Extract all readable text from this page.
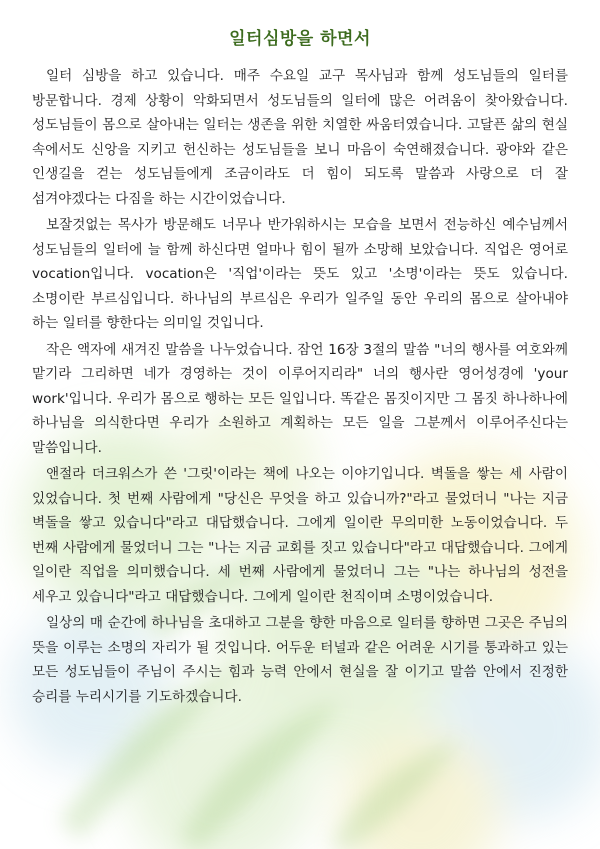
일터심방을 하면서

일터 심방을 하고 있습니다. 매주 수요일 교구 목사님과 함께 성도님들의 일터를 방문합니다. 경제 상황이 악화되면서 성도님들의 일터에 많은 어려움이 찾아왔습니다. 성도님들이 몸으로 살아내는 일터는 생존을 위한 치열한 싸움터였습니다. 고달픈 삶의 현실 속에서도 신앙을 지키고 헌신하는 성도님들을 보니 마음이 숙연해졌습니다. 광야와 같은 인생길을 걷는 성도님들에게 조금이라도 더 힘이 되도록 말씀과 사랑으로 더 잘 섬겨야겠다는 다짐을 하는 시간이었습니다.

보잘것없는 목사가 방문해도 너무나 반가워하시는 모습을 보면서 전능하신 예수님께서 성도님들의 일터에 늘 함께 하신다면 얼마나 힘이 될까 소망해 보았습니다. 직업은 영어로 vocation입니다. vocation은 '직업'이라는 뜻도 있고 '소명'이라는 뜻도 있습니다. 소명이란 부르심입니다. 하나님의 부르심은 우리가 일주일 동안 우리의 몸으로 살아내야 하는 일터를 향한다는 의미일 것입니다.

작은 액자에 새겨진 말씀을 나누었습니다. 잠언 16장 3절의 말씀 "너의 행사를 여호와께 맡기라 그리하면 네가 경영하는 것이 이루어지리라" 너의 행사란 영어성경에 'your work'입니다. 우리가 몸으로 행하는 모든 일입니다. 똑같은 몸짓이지만 그 몸짓 하나하나에 하나님을 의식한다면 우리가 소원하고 계획하는 모든 일을 그분께서 이루어주신다는 말씀입니다.

앤절라 더크워스가 쓴 '그릿'이라는 책에 나오는 이야기입니다. 벽돌을 쌓는 세 사람이 있었습니다. 첫 번째 사람에게 "당신은 무엇을 하고 있습니까?"라고 물었더니 "나는 지금 벽돌을 쌓고 있습니다"라고 대답했습니다. 그에게 일이란 무의미한 노동이었습니다. 두 번째 사람에게 물었더니 그는 "나는 지금 교회를 짓고 있습니다"라고 대답했습니다. 그에게 일이란 직업을 의미했습니다. 세 번째 사람에게 물었더니 그는 "나는 하나님의 성전을 세우고 있습니다"라고 대답했습니다. 그에게 일이란 천직이며 소명이었습니다.

일상의 매 순간에 하나님을 초대하고 그분을 향한 마음으로 일터를 향하면 그곳은 주님의 뜻을 이루는 소명의 자리가 될 것입니다. 어두운 터널과 같은 어려운 시기를 통과하고 있는 모든 성도님들이 주님이 주시는 힘과 능력 안에서 현실을 잘 이기고 말씀 안에서 진정한 승리를 누리시기를 기도하겠습니다.
